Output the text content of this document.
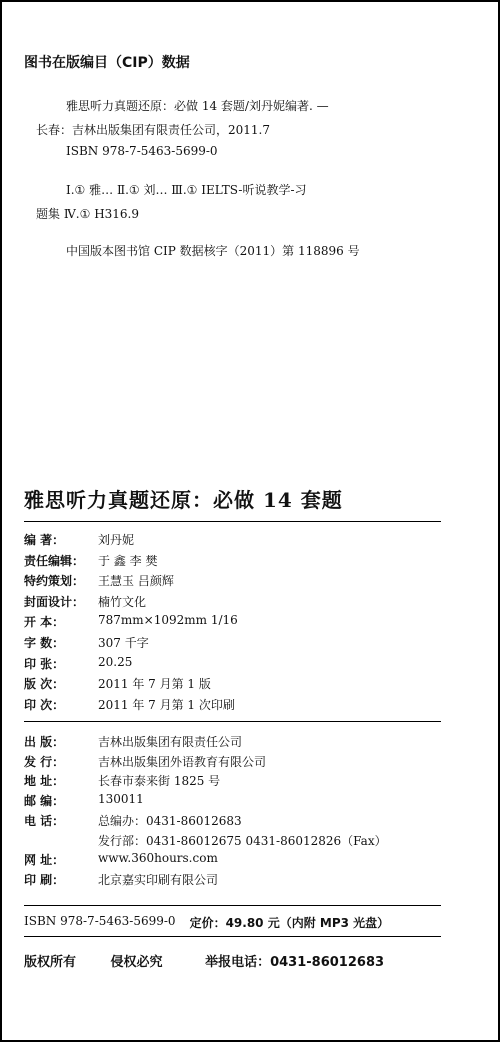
图书在版编目（CIP）数据
雅思听力真题还原：必做 14 套题/刘丹妮编著. —
长春：吉林出版集团有限责任公司，2011.7
ISBN 978-7-5463-5699-0
Ⅰ.① 雅… Ⅱ.① 刘… Ⅲ.① IELTS-听说教学-习
题集 Ⅳ.① H316.9
中国版本图书馆 CIP 数据核字（2011）第 118896 号
雅思听力真题还原：必做 14 套题
编 著：	刘丹妮
责任编辑：	于 鑫 李 樊
特约策划：	王慧玉 吕颜辉
封面设计：	楠竹文化
开 本：	787mm×1092mm 1/16
字 数：	307 千字
印 张：	20.25
版 次：	2011 年 7 月第 1 版
印 次：	2011 年 7 月第 1 次印刷
出 版：	吉林出版集团有限责任公司
发 行：	吉林出版集团外语教育有限公司
地 址：	长春市泰来街 1825 号
邮 编：	130011
电 话：	总编办：0431-86012683
发行部：0431-86012675 0431-86012826（Fax）
网 址：	www.360hours.com
印 刷：	北京嘉实印刷有限公司
ISBN 978-7-5463-5699-0 定价：49.80 元（内附 MP3 光盘）
版权所有	侵权必究	举报电话：0431-86012683
